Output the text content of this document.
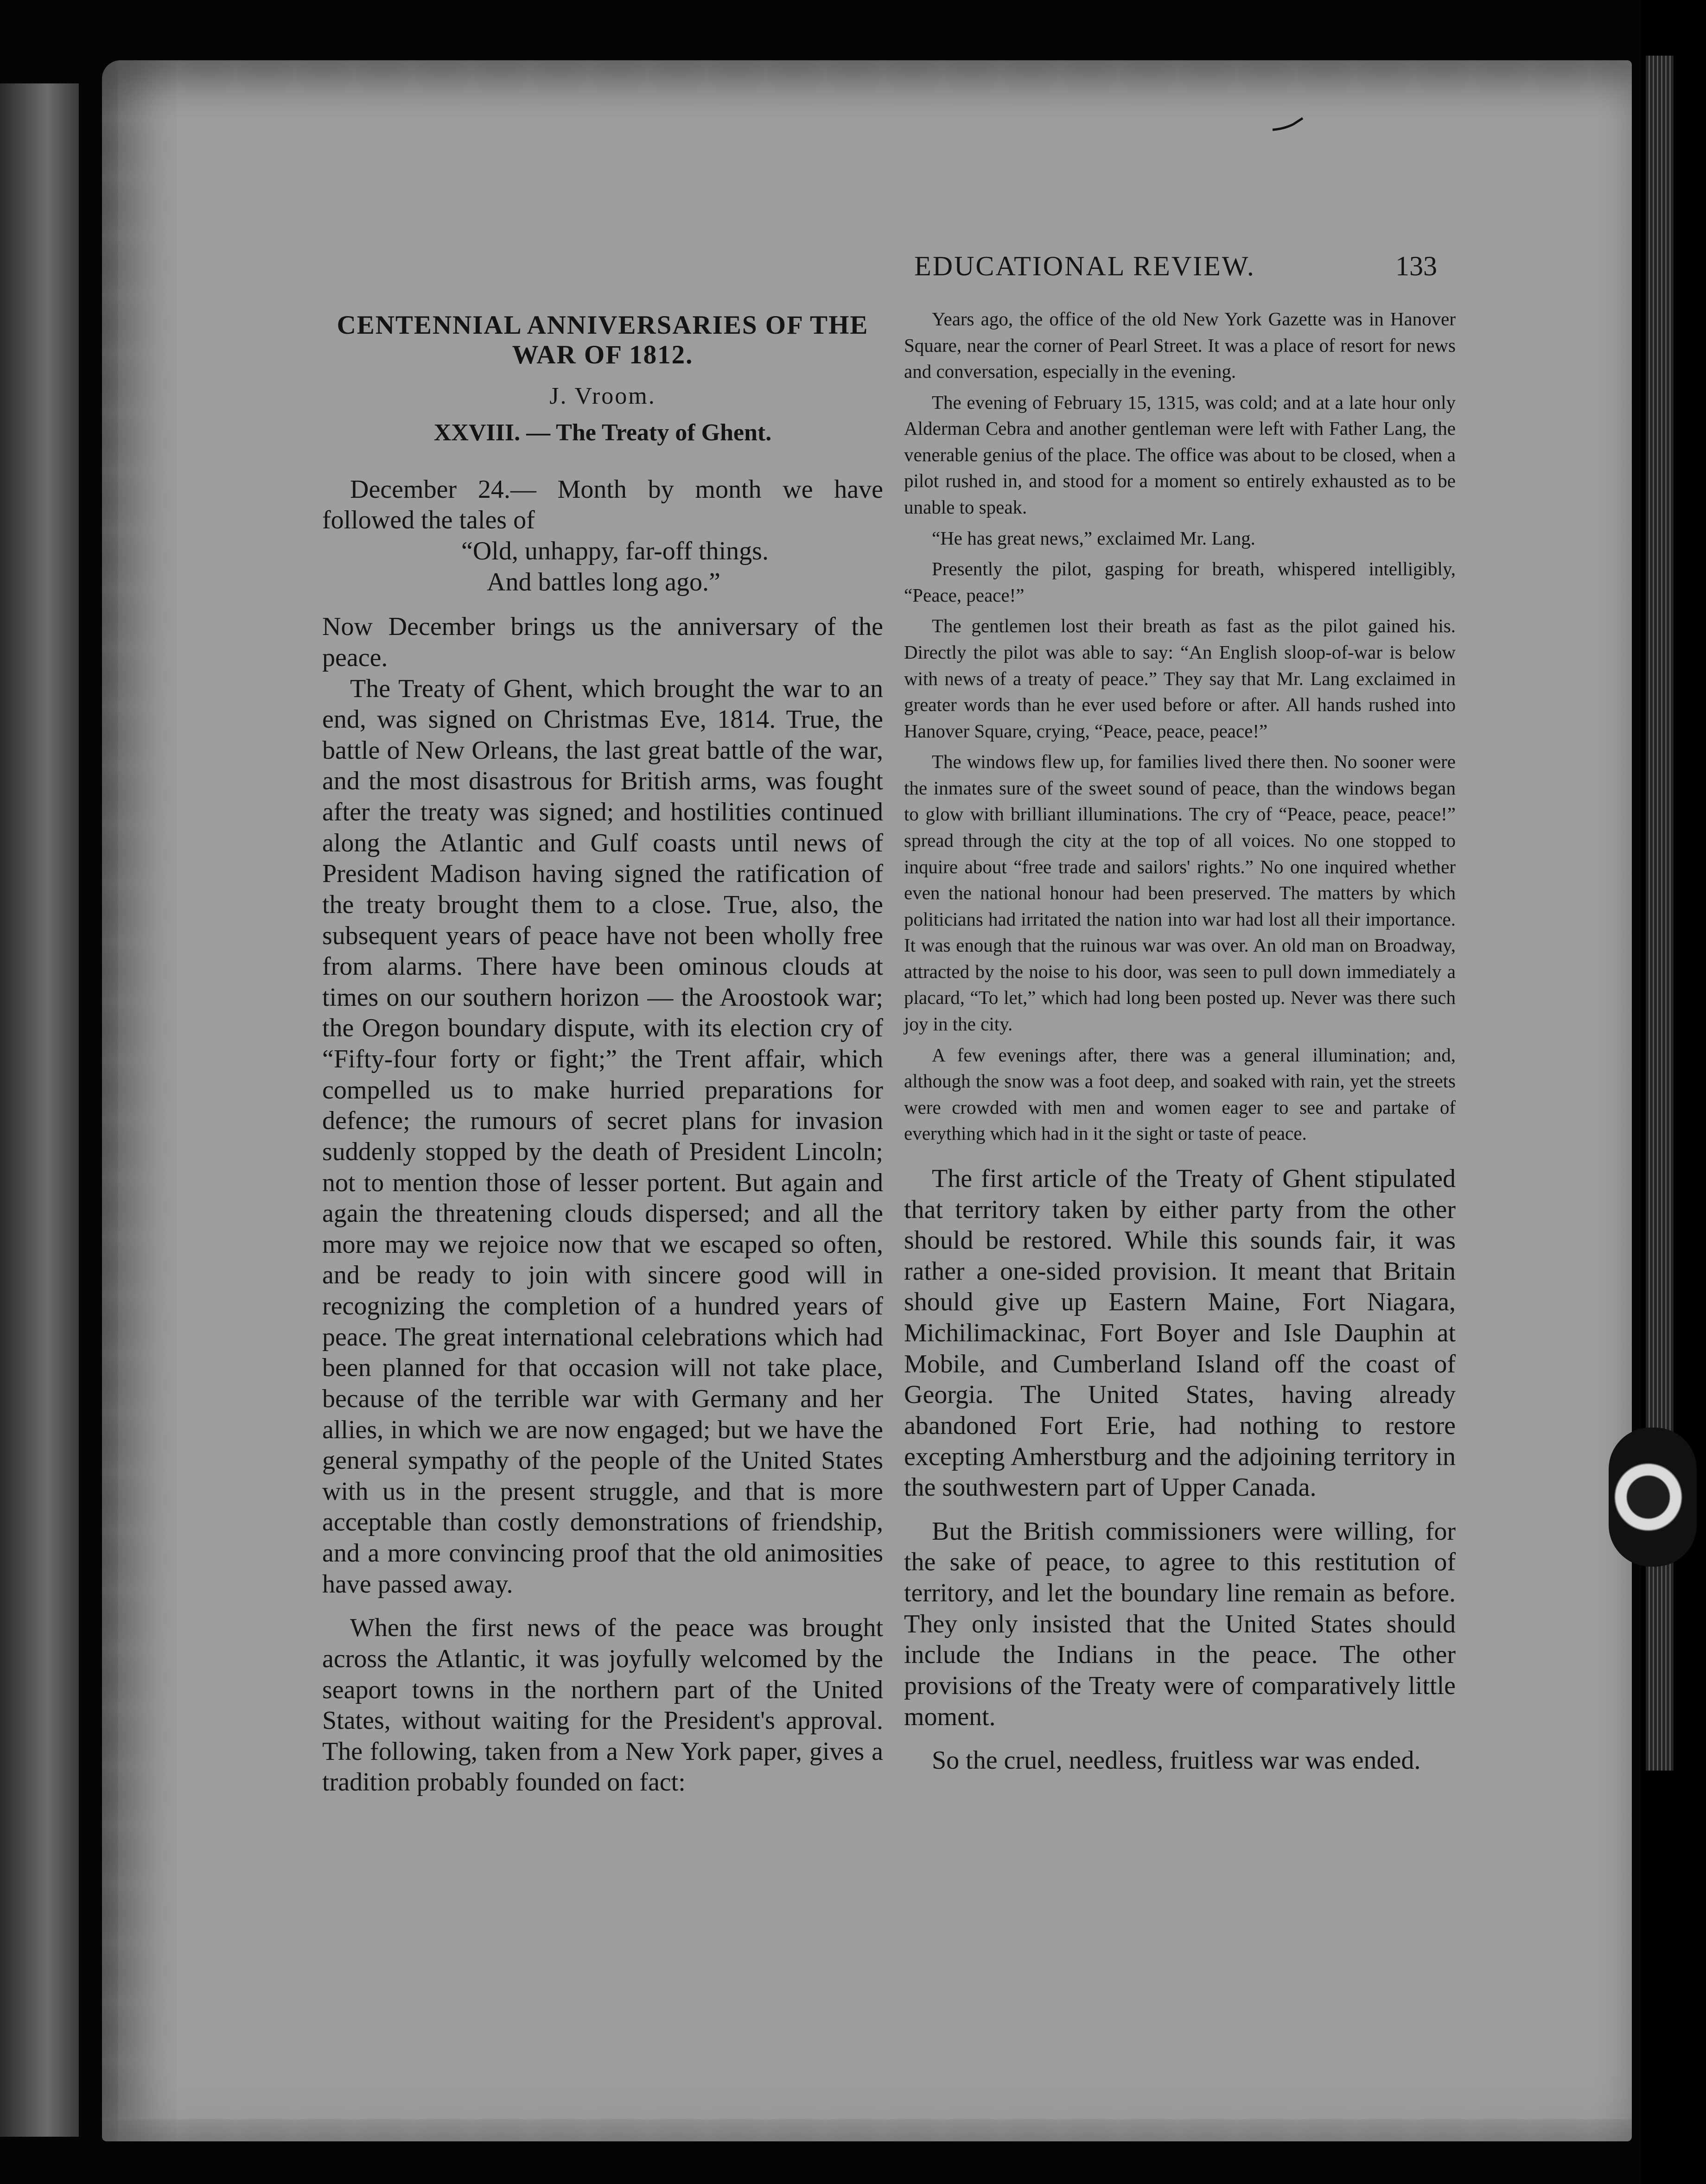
EDUCATIONAL REVIEW.	133
CENTENNIAL ANNIVERSARIES OF THE
WAR OF 1812.
J. Vroom.
XXVIII. — The Treaty of Ghent.

December 24.— Month by month we have followed the tales of

“Old, unhappy, far-off things.
And battles long ago.”

Now December brings us the anniversary of the peace.

The Treaty of Ghent, which brought the war to an end, was signed on Christmas Eve, 1814. True, the battle of New Orleans, the last great battle of the war, and the most disastrous for British arms, was fought after the treaty was signed; and hostilities continued along the Atlantic and Gulf coasts until news of President Madison having signed the ratification of the treaty brought them to a close. True, also, the subsequent years of peace have not been wholly free from alarms. There have been ominous clouds at times on our southern horizon — the Aroostook war; the Oregon boundary dispute, with its election cry of “Fifty-four forty or fight;” the Trent affair, which compelled us to make hurried preparations for defence; the rumours of secret plans for invasion suddenly stopped by the death of President Lincoln; not to mention those of lesser portent. But again and again the threatening clouds dispersed; and all the more may we rejoice now that we escaped so often, and be ready to join with sincere good will in recognizing the completion of a hundred years of peace. The great international celebrations which had been planned for that occasion will not take place, because of the terrible war with Germany and her allies, in which we are now engaged; but we have the general sympathy of the people of the United States with us in the present struggle, and that is more acceptable than costly demonstrations of friendship, and a more convincing proof that the old animosities have passed away.

When the first news of the peace was brought across the Atlantic, it was joyfully welcomed by the seaport towns in the northern part of the United States, without waiting for the President's approval. The following, taken from a New York paper, gives a tradition probably founded on fact:

Years ago, the office of the old New York Gazette was in Hanover Square, near the corner of Pearl Street. It was a place of resort for news and conversation, especially in the evening.

The evening of February 15, 1315, was cold; and at a late hour only Alderman Cebra and another gentleman were left with Father Lang, the venerable genius of the place. The office was about to be closed, when a pilot rushed in, and stood for a moment so entirely exhausted as to be unable to speak.

“He has great news,” exclaimed Mr. Lang.

Presently the pilot, gasping for breath, whispered intelligibly, “Peace, peace!”

The gentlemen lost their breath as fast as the pilot gained his. Directly the pilot was able to say: “An English sloop-of-war is below with news of a treaty of peace.” They say that Mr. Lang exclaimed in greater words than he ever used before or after. All hands rushed into Hanover Square, crying, “Peace, peace, peace!”

The windows flew up, for families lived there then. No sooner were the inmates sure of the sweet sound of peace, than the windows began to glow with brilliant illuminations. The cry of “Peace, peace, peace!” spread through the city at the top of all voices. No one stopped to inquire about “free trade and sailors' rights.” No one inquired whether even the national honour had been preserved. The matters by which politicians had irritated the nation into war had lost all their importance. It was enough that the ruinous war was over. An old man on Broadway, attracted by the noise to his door, was seen to pull down immediately a placard, “To let,” which had long been posted up. Never was there such joy in the city.

A few evenings after, there was a general illumination; and, although the snow was a foot deep, and soaked with rain, yet the streets were crowded with men and women eager to see and partake of everything which had in it the sight or taste of peace.

The first article of the Treaty of Ghent stipulated that territory taken by either party from the other should be restored. While this sounds fair, it was rather a one-sided provision. It meant that Britain should give up Eastern Maine, Fort Niagara, Michilimackinac, Fort Boyer and Isle Dauphin at Mobile, and Cumberland Island off the coast of Georgia. The United States, having already abandoned Fort Erie, had nothing to restore excepting Amherstburg and the adjoining territory in the southwestern part of Upper Canada.

But the British commissioners were willing, for the sake of peace, to agree to this restitution of territory, and let the boundary line remain as before. They only insisted that the United States should include the Indians in the peace. The other provisions of the Treaty were of comparatively little moment.

So the cruel, needless, fruitless war was ended.
